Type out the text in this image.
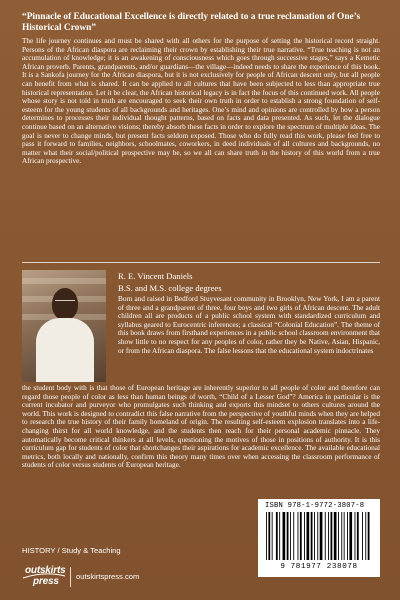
“Pinnacle of Educational Excellence is directly related to a true reclamation of One’s Historical Crown”
The life journey continues and must be shared with all others for the purpose of setting the historical record straight. Persons of the African diaspora are reclaiming their crown by establishing their true narrative. “True teaching is not an accumulation of knowledge; it is an awakening of consciousness which goes through successive stages,” says a Kemetic African proverb. Parents, grandparents, and/or guardians—the village—indeed needs to share the experience of this book. It is a Sankofa journey for the African diaspora, but it is not exclusively for people of African descent only, but all people can benefit from what is shared. It can be applied to all cultures that have been subjected to less than appropriate true historical representation. Let it be clear, the African historical legacy is in fact the focus of this continued work. All people whose story is not told in truth are encouraged to seek their own truth in order to establish a strong foundation of self-esteem for the young students of all backgrounds and heritages. One’s mind and opinions are controlled by how a person determines to processes their individual thought patterns, based on facts and data presented. As such, let the dialogue continue based on an alternative visions; thereby absorb these facts in order to explore the spectrum of multiple ideas. The goal is never to change minds, but present facts seldom exposed. Those who do fully read this work, please feel free to pass it forward to families, neighbors, schoolmates, coworkers, in deed individuals of all cultures and backgrounds, no matter what their social/political prospective may be, so we all can share truth in the history of this world from a true African prospective.
R. E. Vincent Daniels
B.S. and M.S. college degrees
Born and raised in Bedford Stuyvesant community in Brooklyn, New York, I am a parent of three and a grandparent of three, four boys and two girls of African descent. The adult children all are products of a public school system with standardized curriculum and syllabus geared to Eurocentric inferences; a classical “Colonial Education”. The theme of this book draws from firsthand experiences in a public school classroom environment that show little to no respect for any peoples of color, rather they be Native, Asian, Hispanic, or from the African diaspora. The false lessons that the educational system indoctrinates
the student body with is that those of European heritage are inherently superior to all people of color and therefore can regard those people of color as less than human beings of worth, “Child of a Lesser God”? America in particular is the current incubator and purveyor who promulgates such thinking and exports this mindset to others cultures around the world. This work is designed to contradict this false narrative from the perspective of youthful minds when they are helped to research the true history of their family homeland of origin. The resulting self-esteem explosion translates into a life-changing thirst for all world knowledge, and the students then reach for their personal academic pinnacle. They automatically become critical thinkers at all levels, questioning the motives of those in positions of authority. It is this curriculum gap for students of color that shortchanges their aspirations for academic excellence. The available educational metrics, both locally and nationally, confirm this theory many times over when accessing the classroom performance of students of color versus students of European heritage.
ISBN 978-1-9772-3807-8
9 781977 238078
HISTORY / Study & Teaching
outskirts
press outskirtspress.com
